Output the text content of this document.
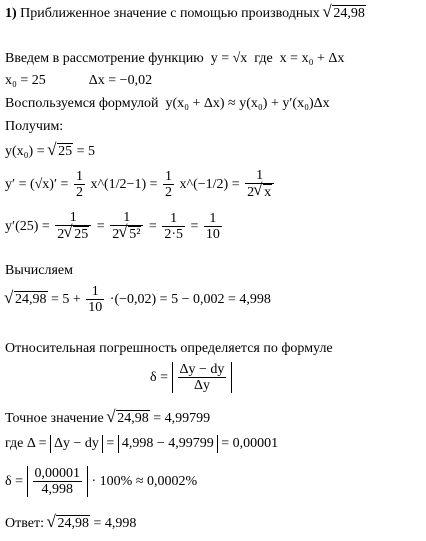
1) Приближенное значение с помощью производных √ 24,98
Введем в рассмотрение функцию y = √x где x = x₀ + Δx
x₀ = 25	Δx = −0,02
Воспользуемся формулой y(x₀ + Δx) ≈ y(x₀) + y′(x₀)Δx
Получим:
y(x₀) = √ 25 = 5
$y' = (√x)' = \frac{1}{2}$ x^(1/2−1) = $\frac{1}{2}$ x^(−1/2) = $\frac{1}{2 √ x}$
$y'(25) = \frac{1}{2 √ 25} = \frac{1}{\text{2 √ 5²}} = \frac{1}{2\cdot 5} = \frac{1}{10}$
Вычисляем
√ $24,98 = 5 + \frac{1}{10} \cdot(-0,02) = 5 - 0,002 = 4,998$
Относительная погрешность определяется по формуле
$\delta = \frac{\Delta y - dy}{\Delta y}$
Точное значение √ 24,98 = 4,99799
где Δ = Δy − dy = 4,998 − 4,99799 = 0,00001
$\delta = \frac{0,00001}{4,998} \cdot 100\% \approx 0,0002\%$
Ответ: √ 24,98 = 4,998
